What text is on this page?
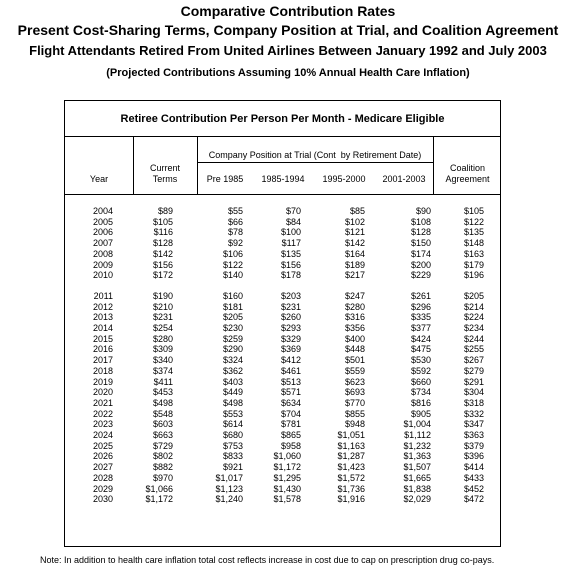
Comparative Contribution Rates
Present Cost-Sharing Terms, Company Position at Trial, and Coalition Agreement
Flight Attendants Retired From United Airlines Between January 1992 and July 2003
(Projected Contributions Assuming 10% Annual Health Care Inflation)
Retiree Contribution Per Person Per Month - Medicare Eligible
Year
Current
Terms
Company Position at Trial (Cont  by Retirement Date)
Pre 1985	1985-1994	1995-2000	2001-2003
Coalition
Agreement
2004	$89	$55	$70	$85	$90	$105
2005	$105	$66	$84	$102	$108	$122
2006	$116	$78	$100	$121	$128	$135
2007	$128	$92	$117	$142	$150	$148
2008	$142	$106	$135	$164	$174	$163
2009	$156	$122	$156	$189	$200	$179
2010	$172	$140	$178	$217	$229	$196
2011	$190	$160	$203	$247	$261	$205
2012	$210	$181	$231	$280	$296	$214
2013	$231	$205	$260	$316	$335	$224
2014	$254	$230	$293	$356	$377	$234
2015	$280	$259	$329	$400	$424	$244
2016	$309	$290	$369	$448	$475	$255
2017	$340	$324	$412	$501	$530	$267
2018	$374	$362	$461	$559	$592	$279
2019	$411	$403	$513	$623	$660	$291
2020	$453	$449	$571	$693	$734	$304
2021	$498	$498	$634	$770	$816	$318
2022	$548	$553	$704	$855	$905	$332
2023	$603	$614	$781	$948	$1,004	$347
2024	$663	$680	$865	$1,051	$1,112	$363
2025	$729	$753	$958	$1,163	$1,232	$379
2026	$802	$833	$1,060	$1,287	$1,363	$396
2027	$882	$921	$1,172	$1,423	$1,507	$414
2028	$970	$1,017	$1,295	$1,572	$1,665	$433
2029	$1,066	$1,123	$1,430	$1,736	$1,838	$452
2030	$1,172	$1,240	$1,578	$1,916	$2,029	$472
Note: In addition to health care inflation total cost reflects increase in cost due to cap on prescription drug co-pays.
